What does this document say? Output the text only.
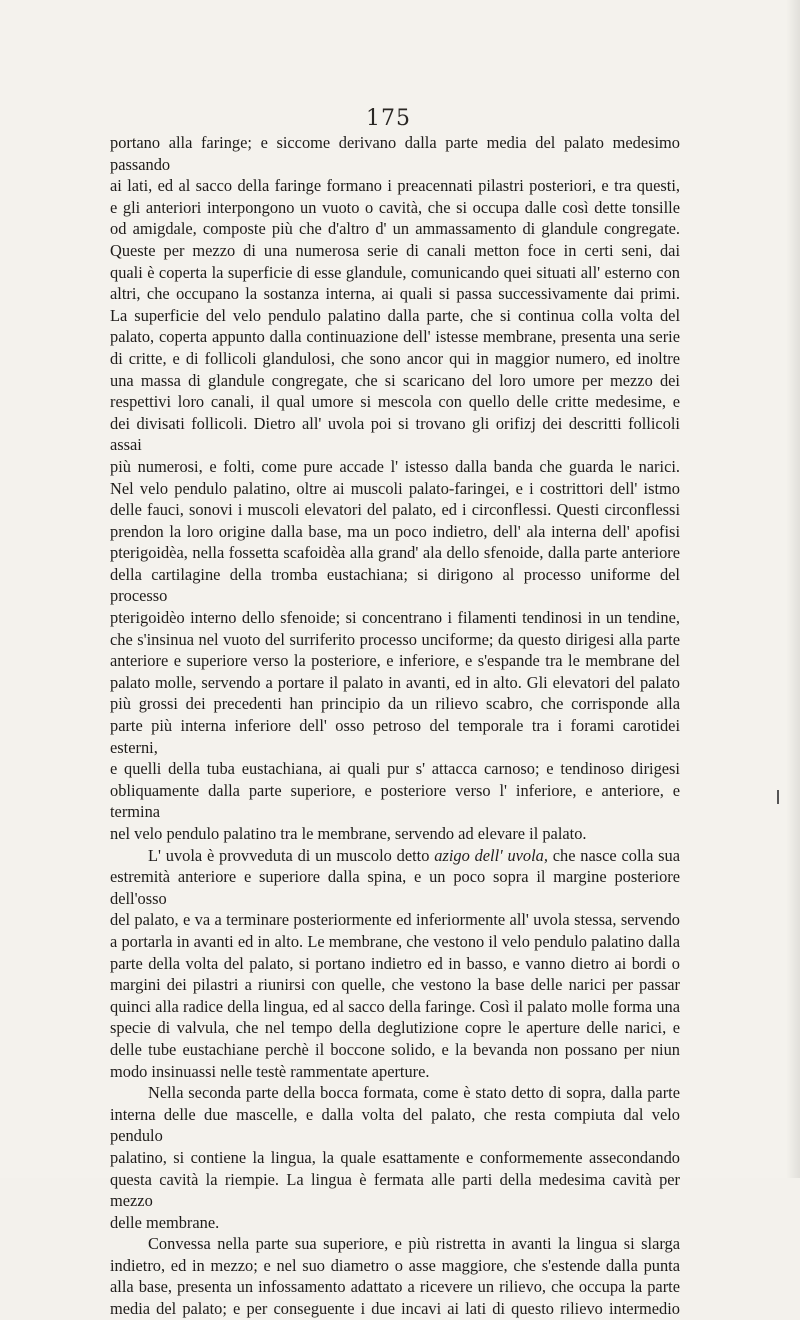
175

portano alla faringe; e siccome derivano dalla parte media del palato medesimo passando
ai lati, ed al sacco della faringe formano i preacennati pilastri posteriori, e tra questi,
e gli anteriori interpongono un vuoto o cavità, che si occupa dalle così dette tonsille
od amigdale, composte più che d'altro d' un ammassamento di glandule congregate.
Queste per mezzo di una numerosa serie di canali metton foce in certi seni, dai
quali è coperta la superficie di esse glandule, comunicando quei situati all' esterno con
altri, che occupano la sostanza interna, ai quali si passa successivamente dai primi.
La superficie del velo pendulo palatino dalla parte, che si continua colla volta del
palato, coperta appunto dalla continuazione dell' istesse membrane, presenta una serie
di critte, e di follicoli glandulosi, che sono ancor qui in maggior numero, ed inoltre
una massa di glandule congregate, che si scaricano del loro umore per mezzo dei
respettivi loro canali, il qual umore si mescola con quello delle critte medesime, e
dei divisati follicoli. Dietro all' uvola poi si trovano gli orifizj dei descritti follicoli assai
più numerosi, e folti, come pure accade l' istesso dalla banda che guarda le narici.
Nel velo pendulo palatino, oltre ai muscoli palato-faringei, e i costrittori dell' istmo
delle fauci, sonovi i muscoli elevatori del palato, ed i circonflessi. Questi circonflessi
prendon la loro origine dalla base, ma un poco indietro, dell' ala interna dell' apofisi
pterigoidèa, nella fossetta scafoidèa alla grand' ala dello sfenoide, dalla parte anteriore
della cartilagine della tromba eustachiana; si dirigono al processo uniforme del processo
pterigoidèo interno dello sfenoide; si concentrano i filamenti tendinosi in un tendine,
che s'insinua nel vuoto del surriferito processo unciforme; da questo dirigesi alla parte
anteriore e superiore verso la posteriore, e inferiore, e s'espande tra le membrane del
palato molle, servendo a portare il palato in avanti, ed in alto. Gli elevatori del palato
più grossi dei precedenti han principio da un rilievo scabro, che corrisponde alla
parte più interna inferiore dell' osso petroso del temporale tra i forami carotidei esterni,
e quelli della tuba eustachiana, ai quali pur s' attacca carnoso; e tendinoso dirigesi
obliquamente dalla parte superiore, e posteriore verso l' inferiore, e anteriore, e termina
nel velo pendulo palatino tra le membrane, servendo ad elevare il palato.

L' uvola è provveduta di un muscolo detto azigo dell' uvola, che nasce colla sua
estremità anteriore e superiore dalla spina, e un poco sopra il margine posteriore dell'osso
del palato, e va a terminare posteriormente ed inferiormente all' uvola stessa, servendo
a portarla in avanti ed in alto. Le membrane, che vestono il velo pendulo palatino dalla
parte della volta del palato, si portano indietro ed in basso, e vanno dietro ai bordi o
margini dei pilastri a riunirsi con quelle, che vestono la base delle narici per passar
quinci alla radice della lingua, ed al sacco della faringe. Così il palato molle forma una
specie di valvula, che nel tempo della deglutizione copre le aperture delle narici, e
delle tube eustachiane perchè il boccone solido, e la bevanda non possano per niun
modo insinuassi nelle testè rammentate aperture.

Nella seconda parte della bocca formata, come è stato detto di sopra, dalla parte
interna delle due mascelle, e dalla volta del palato, che resta compiuta dal velo pendulo
palatino, si contiene la lingua, la quale esattamente e conformemente assecondando
questa cavità la riempie. La lingua è fermata alle parti della medesima cavità per mezzo
delle membrane.

Convessa nella parte sua superiore, e più ristretta in avanti la lingua si slarga
indietro, ed in mezzo; e nel suo diametro o asse maggiore, che s'estende dalla punta
alla base, presenta un infossamento adattato a ricevere un rilievo, che occupa la parte
media del palato; e per conseguente i due incavi ai lati di questo rilievo intermedio
